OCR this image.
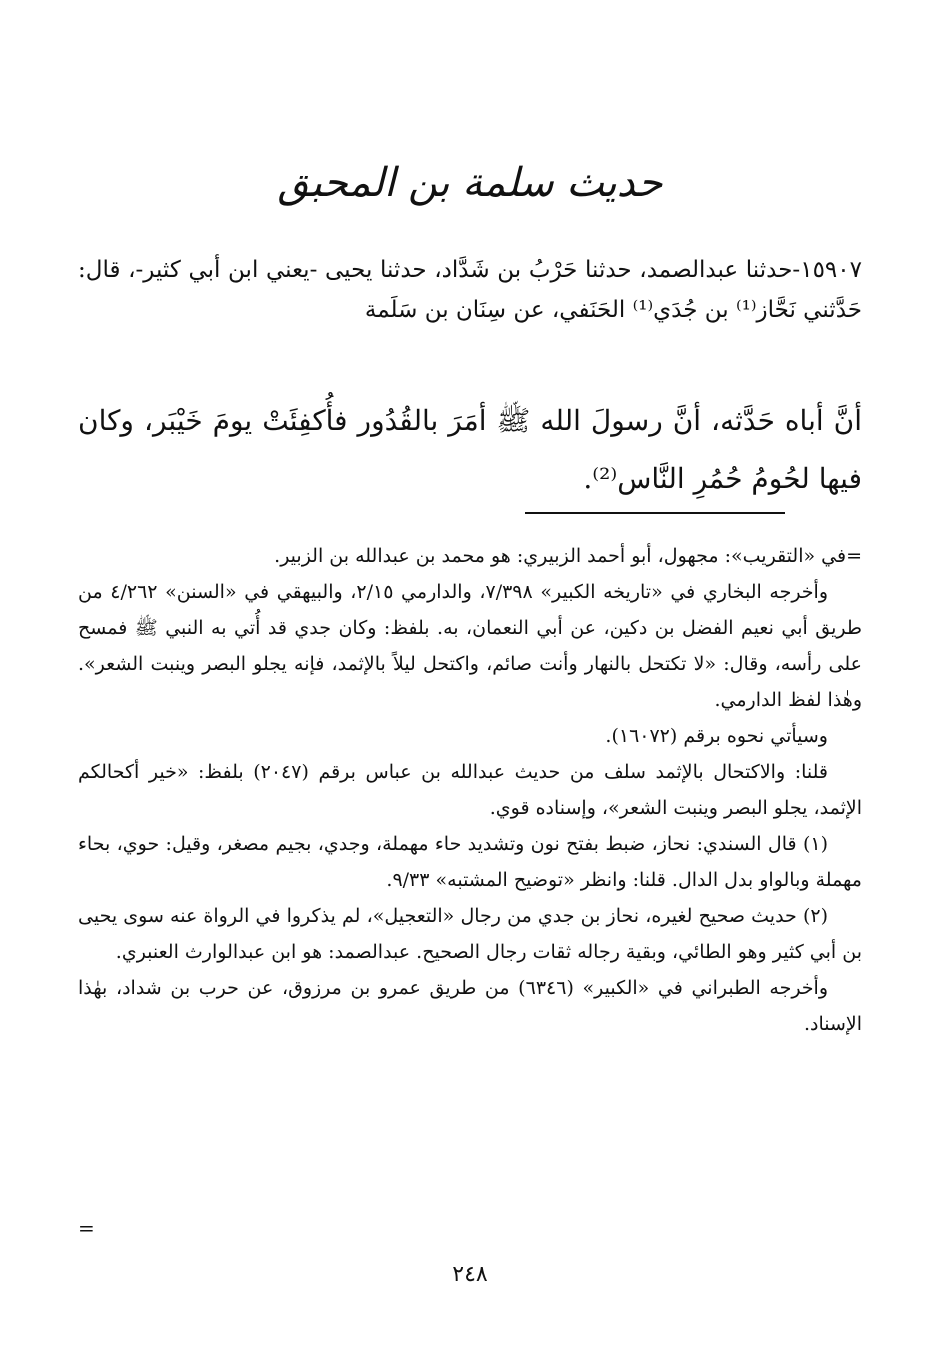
حديث سلمة بن المحبق
١٥٩٠٧-حدثنا عبدالصمد، حدثنا حَرْبُ بن شَدَّاد، حدثنا يحيى -يعني ابن أبي كثير-، قال: حَدَّثني نَحَّاز⁽¹⁾ بن جُدَي⁽¹⁾ الحَنَفي، عن سِنَان بن سَلَمة
أنَّ أباه حَدَّثه، أنَّ رسولَ الله ﷺ أمَرَ بالقُدُور فأُكفِئَتْ يومَ خَيْبَر، وكان فيها لحُومُ حُمُرِ النَّاس⁽²⁾.

=في «التقريب»: مجهول، أبو أحمد الزبيري: هو محمد بن عبدالله بن الزبير.

وأخرجه البخاري في «تاريخه الكبير» ٧/٣٩٨، والدارمي ٢/١٥، والبيهقي في «السنن» ٤/٢٦٢ من طريق أبي نعيم الفضل بن دكين، عن أبي النعمان، به. بلفظ: وكان جدي قد أُتي به النبي ﷺ فمسح على رأسه، وقال: «لا تكتحل بالنهار وأنت صائم، واكتحل ليلاً بالإثمد، فإنه يجلو البصر وينبت الشعر». وهٰذا لفظ الدارمي.

وسيأتي نحوه برقم (١٦٠٧٢).

قلنا: والاكتحال بالإثمد سلف من حديث عبدالله بن عباس برقم (٢٠٤٧) بلفظ: «خير أكحالكم الإثمد، يجلو البصر وينبت الشعر»، وإسناده قوي.

(١) قال السندي: نحاز، ضبط بفتح نون وتشديد حاء مهملة، وجدي، بجيم مصغر، وقيل: حوي، بحاء مهملة وبالواو بدل الدال. قلنا: وانظر «توضيح المشتبه» ٩/٣٣.

(٢) حديث صحيح لغيره، نحاز بن جدي من رجال «التعجيل»، لم يذكروا في الرواة عنه سوى يحيى بن أبي كثير وهو الطائي، وبقية رجاله ثقات رجال الصحيح. عبدالصمد: هو ابن عبدالوارث العنبري.

وأخرجه الطبراني في «الكبير» (٦٣٤٦) من طريق عمرو بن مرزوق، عن حرب بن شداد، بهٰذا الإسناد.

=
٢٤٨
